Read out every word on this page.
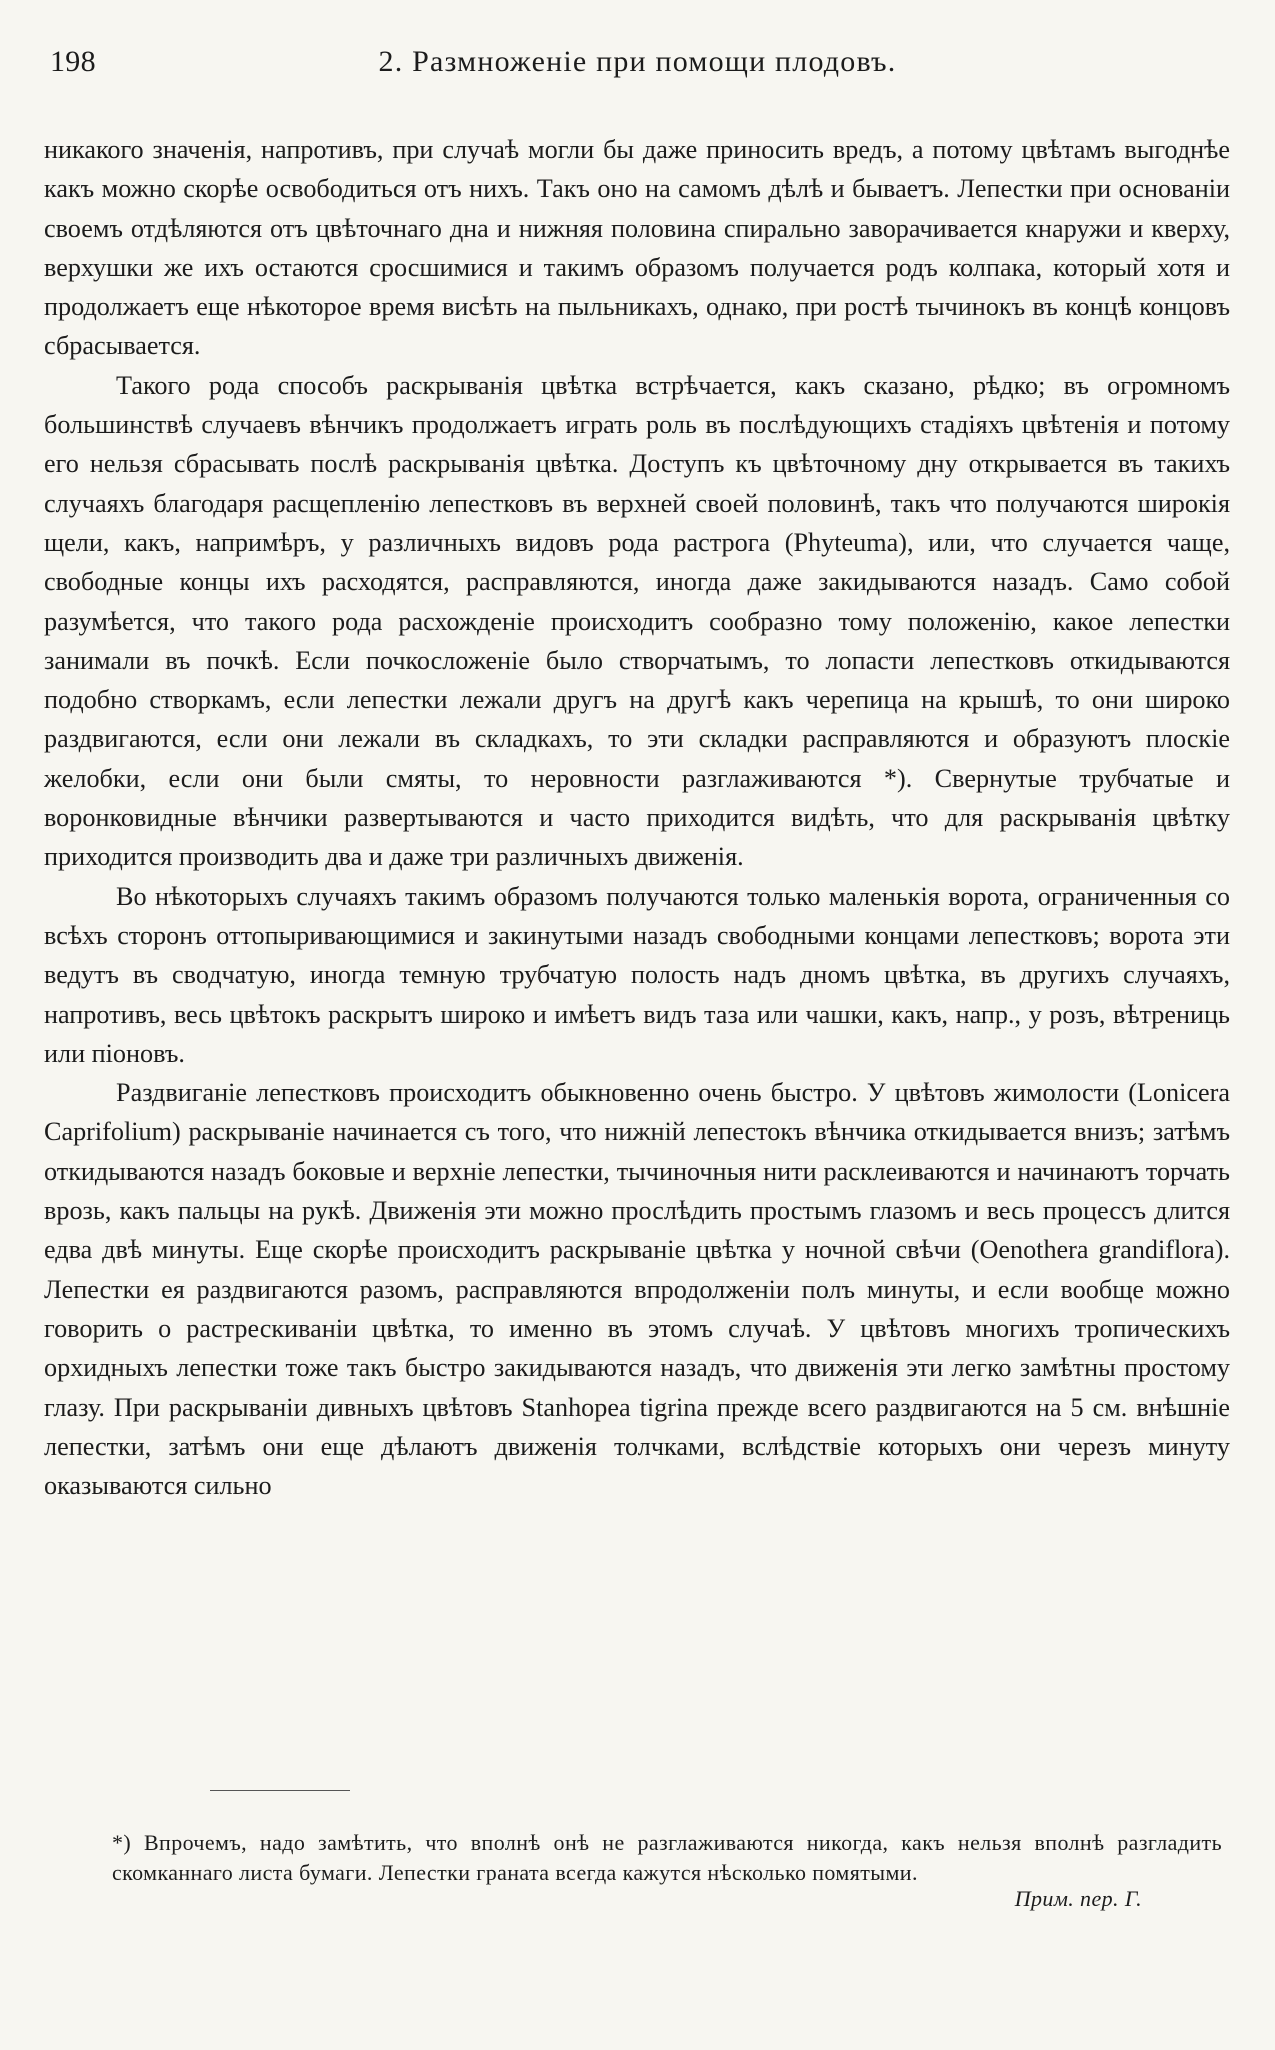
198	2. Размноженіе при помощи плодовъ.

никакого значенія, напротивъ, при случаѣ могли бы даже приносить вредъ, а потому цвѣтамъ выгоднѣе какъ можно скорѣе освободиться отъ нихъ. Такъ оно на самомъ дѣлѣ и бываетъ. Лепестки при основаніи своемъ отдѣляются отъ цвѣточнаго дна и нижняя половина спирально заворачивается кнаружи и кверху, верхушки же ихъ остаются сросшимися и такимъ образомъ получается родъ колпака, который хотя и продолжаетъ еще нѣкоторое время висѣть на пыльникахъ, однако, при ростѣ тычинокъ въ концѣ концовъ сбрасывается.

Такого рода способъ раскрыванія цвѣтка встрѣчается, какъ сказано, рѣдко; въ огромномъ большинствѣ случаевъ вѣнчикъ продолжаетъ играть роль въ послѣдующихъ стадіяхъ цвѣтенія и потому его нельзя сбрасывать послѣ раскрыванія цвѣтка. Доступъ къ цвѣточному дну открывается въ такихъ случаяхъ благодаря расщепленію лепестковъ въ верхней своей половинѣ, такъ что получаются широкія щели, какъ, напримѣръ, у различныхъ видовъ рода растрога (Phyteuma), или, что случается чаще, свободные концы ихъ расходятся, расправляются, иногда даже закидываются назадъ. Само собой разумѣется, что такого рода расхожденіе происходитъ сообразно тому положенію, какое лепестки занимали въ почкѣ. Если почкосложеніе было створчатымъ, то лопасти лепестковъ откидываются подобно створкамъ, если лепестки лежали другъ на другѣ какъ черепица на крышѣ, то они широко раздвигаются, если они лежали въ складкахъ, то эти складки расправляются и образуютъ плоскіе желобки, если они были смяты, то неровности разглаживаются *). Свернутые трубчатые и воронковидные вѣнчики развертываются и часто приходится видѣть, что для раскрыванія цвѣтку приходится производить два и даже три различныхъ движенія.

Во нѣкоторыхъ случаяхъ такимъ образомъ получаются только маленькія ворота, ограниченныя со всѣхъ сторонъ оттопыривающимися и закинутыми назадъ свободными концами лепестковъ; ворота эти ведутъ въ сводчатую, иногда темную трубчатую полость надъ дномъ цвѣтка, въ другихъ случаяхъ, напротивъ, весь цвѣтокъ раскрытъ широко и имѣетъ видъ таза или чашки, какъ, напр., у розъ, вѣтрениць или піоновъ.

Раздвиганіе лепестковъ происходитъ обыкновенно очень быстро. У цвѣтовъ жимолости (Lonicera Caprifolium) раскрываніе начинается съ того, что нижній лепестокъ вѣнчика откидывается внизъ; затѣмъ откидываются назадъ боковые и верхніе лепестки, тычиночныя нити расклеиваются и начинаютъ торчать врозь, какъ пальцы на рукѣ. Движенія эти можно прослѣдить простымъ глазомъ и весь процессъ длится едва двѣ минуты. Еще скорѣе происходитъ раскрываніе цвѣтка у ночной свѣчи (Oenothera grandiflora). Лепестки ея раздвигаются разомъ, расправляются впродолженіи полъ минуты, и если вообще можно говорить о растрескиваніи цвѣтка, то именно въ этомъ случаѣ. У цвѣтовъ многихъ тропическихъ орхидныхъ лепестки тоже такъ быстро закидываются назадъ, что движенія эти легко замѣтны простому глазу. При раскрываніи дивныхъ цвѣтовъ Stanhopea tigrina прежде всего раздвигаются на 5 см. внѣшніе лепестки, затѣмъ они еще дѣлаютъ движенія толчками, вслѣдствіе которыхъ они черезъ минуту оказываются сильно

*) Впрочемъ, надо замѣтить, что вполнѣ онѣ не разглаживаются никогда, какъ нельзя вполнѣ разгладить скомканнаго листа бумаги. Лепестки граната всегда кажутся нѣсколько помятыми.
Прим. пер. Г.
